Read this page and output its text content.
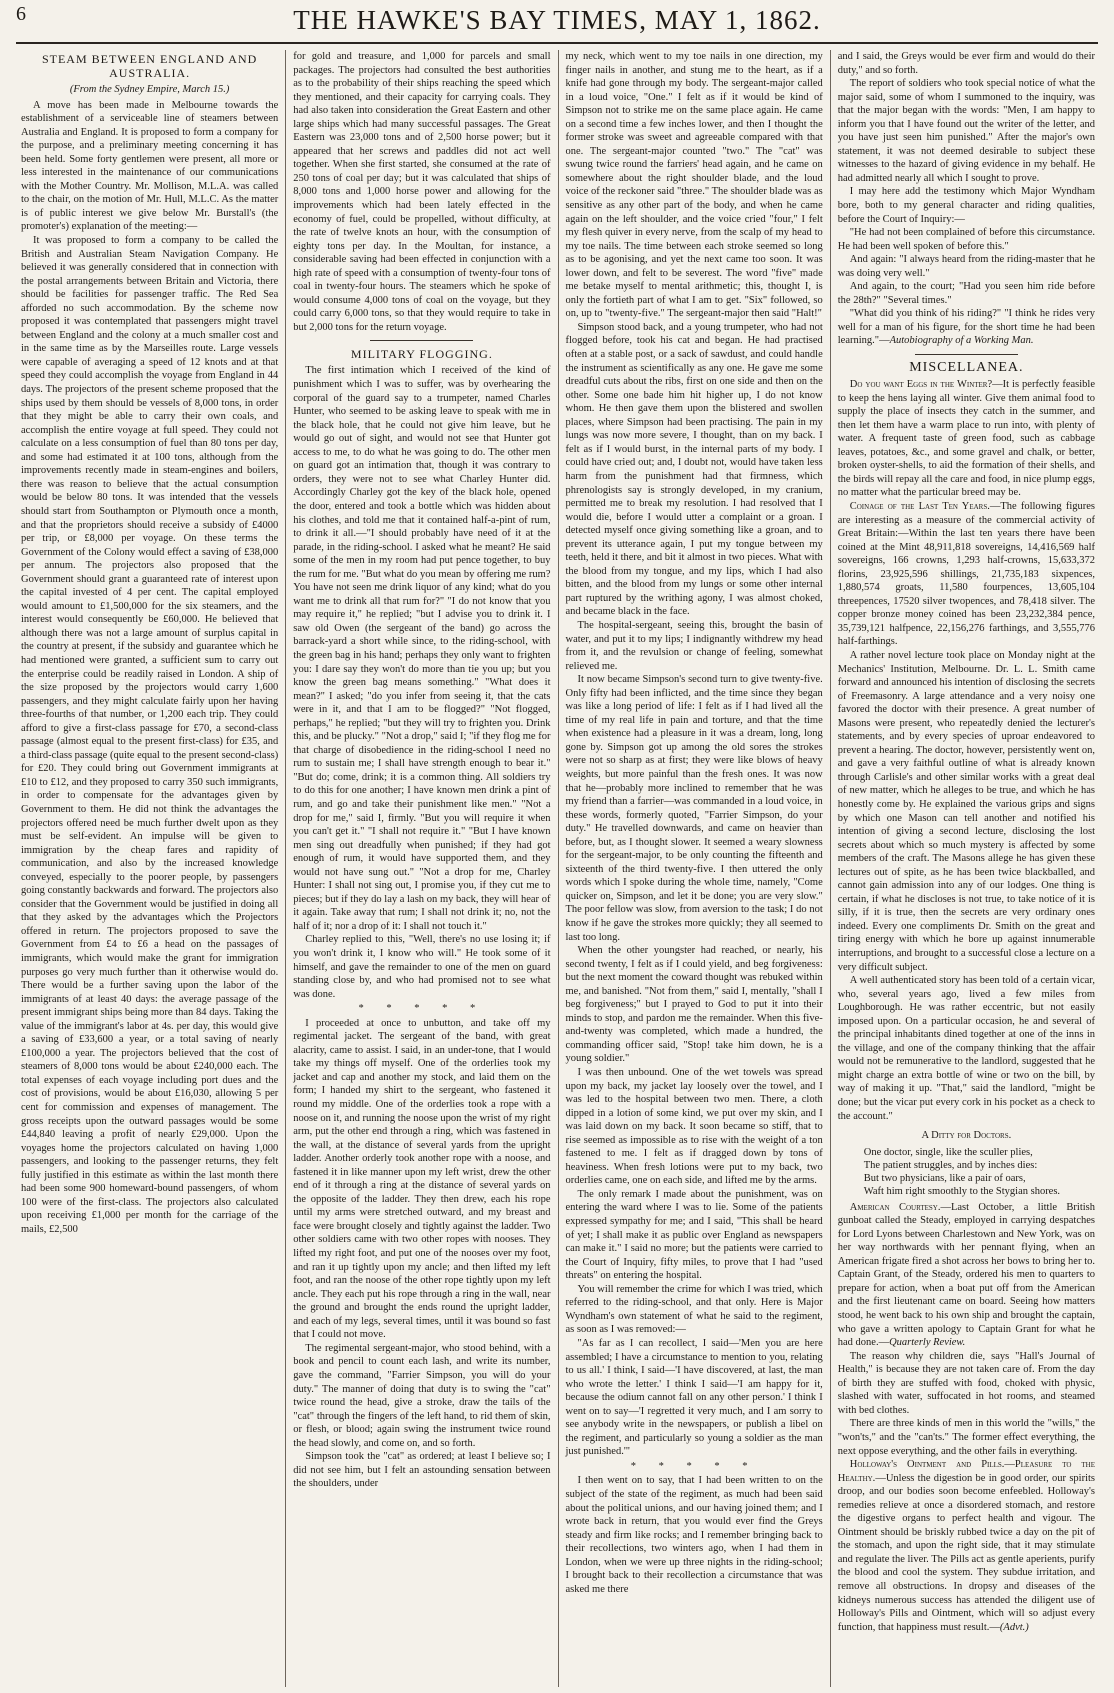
6	THE HAWKE'S BAY TIMES, MAY 1, 1862.
STEAM BETWEEN ENGLAND AND AUSTRALIA.
(From the Sydney Empire, March 15.)

A move has been made in Melbourne towards the establishment of a serviceable line of steamers between Australia and England. It is proposed to form a company for the purpose, and a preliminary meeting concerning it has been held. Some forty gentlemen were present, all more or less interested in the maintenance of our communications with the Mother Country. Mr. Mollison, M.L.A. was called to the chair, on the motion of Mr. Hull, M.L.C. As the matter is of public interest we give below Mr. Burstall's (the promoter's) explanation of the meeting:—

It was proposed to form a company to be called the British and Australian Steam Navigation Company. He believed it was generally considered that in connection with the postal arrangements between Britain and Victoria, there should be facilities for passenger traffic. The Red Sea afforded no such accommodation. By the scheme now proposed it was contemplated that passengers might travel between England and the colony at a much smaller cost and in the same time as by the Marseilles route. Large vessels were capable of averaging a speed of 12 knots and at that speed they could accomplish the voyage from England in 44 days. The projectors of the present scheme proposed that the ships used by them should be vessels of 8,000 tons, in order that they might be able to carry their own coals, and accomplish the entire voyage at full speed. They could not calculate on a less consumption of fuel than 80 tons per day, and some had estimated it at 100 tons, although from the improvements recently made in steam-engines and boilers, there was reason to believe that the actual consumption would be below 80 tons. It was intended that the vessels should start from Southampton or Plymouth once a month, and that the proprietors should receive a subsidy of £4000 per trip, or £8,000 per voyage. On these terms the Government of the Colony would effect a saving of £38,000 per annum. The projectors also proposed that the Government should grant a guaranteed rate of interest upon the capital invested of 4 per cent. The capital employed would amount to £1,500,000 for the six steamers, and the interest would consequently be £60,000. He believed that although there was not a large amount of surplus capital in the country at present, if the subsidy and guarantee which he had mentioned were granted, a sufficient sum to carry out the enterprise could be readily raised in London. A ship of the size proposed by the projectors would carry 1,600 passengers, and they might calculate fairly upon her having three-fourths of that number, or 1,200 each trip. They could afford to give a first-class passage for £70, a second-class passage (almost equal to the present first-class) for £35, and a third-class passage (quite equal to the present second-class) for £20. They could bring out Government immigrants at £10 to £12, and they proposed to carry 350 such immigrants, in order to compensate for the advantages given by Government to them. He did not think the advantages the projectors offered need be much further dwelt upon as they must be self-evident. An impulse will be given to immigration by the cheap fares and rapidity of communication, and also by the increased knowledge conveyed, especially to the poorer people, by passengers going constantly backwards and forward. The projectors also consider that the Government would be justified in doing all that they asked by the advantages which the Projectors offered in return. The projectors proposed to save the Government from £4 to £6 a head on the passages of immigrants, which would make the grant for immigration purposes go very much further than it otherwise would do. There would be a further saving upon the labor of the immigrants of at least 40 days: the average passage of the present immigrant ships being more than 84 days. Taking the value of the immigrant's labor at 4s. per day, this would give a saving of £33,600 a year, or a total saving of nearly £100,000 a year. The projectors believed that the cost of steamers of 8,000 tons would be about £240,000 each. The total expenses of each voyage including port dues and the cost of provisions, would be about £16,030, allowing 5 per cent for commission and expenses of management. The gross receipts upon the outward passages would be some £44,840 leaving a profit of nearly £29,000. Upon the voyages home the projectors calculated on having 1,000 passengers, and looking to the passenger returns, they felt fully justified in this estimate as within the last month there had been some 900 homeward-bound passengers, of whom 100 were of the first-class. The projectors also calculated upon receiving £1,000 per month for the carriage of the mails, £2,500

for gold and treasure, and 1,000 for parcels and small packages. The projectors had consulted the best authorities as to the probability of their ships reaching the speed which they mentioned, and their capacity for carrying coals. They had also taken into consideration the Great Eastern and other large ships which had many successful passages. The Great Eastern was 23,000 tons and of 2,500 horse power; but it appeared that her screws and paddles did not act well together. When she first started, she consumed at the rate of 250 tons of coal per day; but it was calculated that ships of 8,000 tons and 1,000 horse power and allowing for the improvements which had been lately effected in the economy of fuel, could be propelled, without difficulty, at the rate of twelve knots an hour, with the consumption of eighty tons per day. In the Moultan, for instance, a considerable saving had been effected in conjunction with a high rate of speed with a consumption of twenty-four tons of coal in twenty-four hours. The steamers which he spoke of would consume 4,000 tons of coal on the voyage, but they could carry 6,000 tons, so that they would require to take in but 2,000 tons for the return voyage.

MILITARY FLOGGING.

The first intimation which I received of the kind of punishment which I was to suffer, was by overhearing the corporal of the guard say to a trumpeter, named Charles Hunter, who seemed to be asking leave to speak with me in the black hole, that he could not give him leave, but he would go out of sight, and would not see that Hunter got access to me, to do what he was going to do. The other men on guard got an intimation that, though it was contrary to orders, they were not to see what Charley Hunter did. Accordingly Charley got the key of the black hole, opened the door, entered and took a bottle which was hidden about his clothes, and told me that it contained half-a-pint of rum, to drink it all.—"I should probably have need of it at the parade, in the riding-school. I asked what he meant? He said some of the men in my room had put pence together, to buy the rum for me. "But what do you mean by offering me rum? You have not seen me drink liquor of any kind; what do you want me to drink all that rum for?" "I do not know that you may require it," he replied; "but I advise you to drink it. I saw old Owen (the sergeant of the band) go across the barrack-yard a short while since, to the riding-school, with the green bag in his hand; perhaps they only want to frighten you: I dare say they won't do more than tie you up; but you know the green bag means something." "What does it mean?" I asked; "do you infer from seeing it, that the cats were in it, and that I am to be flogged?" "Not flogged, perhaps," he replied; "but they will try to frighten you. Drink this, and be plucky." "Not a drop," said I; "if they flog me for that charge of disobedience in the riding-school I need no rum to sustain me; I shall have strength enough to bear it." "But do; come, drink; it is a common thing. All soldiers try to do this for one another; I have known men drink a pint of rum, and go and take their punishment like men." "Not a drop for me," said I, firmly. "But you will require it when you can't get it." "I shall not require it." "But I have known men sing out dreadfully when punished; if they had got enough of rum, it would have supported them, and they would not have sung out." "Not a drop for me, Charley Hunter: I shall not sing out, I promise you, if they cut me to pieces; but if they do lay a lash on my back, they will hear of it again. Take away that rum; I shall not drink it; no, not the half of it; nor a drop of it: I shall not touch it."

Charley replied to this, "Well, there's no use losing it; if you won't drink it, I know who will." He took some of it himself, and gave the remainder to one of the men on guard standing close by, and who had promised not to see what was done.

* * * * *

I proceeded at once to unbutton, and take off my regimental jacket. The sergeant of the band, with great alacrity, came to assist. I said, in an under-tone, that I would take my things off myself. One of the orderlies took my jacket and cap and another my stock, and laid them on the form; I handed my shirt to the sergeant, who fastened it round my middle. One of the orderlies took a rope with a noose on it, and running the noose upon the wrist of my right arm, put the other end through a ring, which was fastened in the wall, at the distance of several yards from the upright ladder. Another orderly took another rope with a noose, and fastened it in like manner upon my left wrist, drew the other end of it through a ring at the distance of several yards on the opposite of the ladder. They then drew, each his rope until my arms were stretched outward, and my breast and face were brought closely and tightly against the ladder. Two other soldiers came with two other ropes with nooses. They lifted my right foot, and put one of the nooses over my foot, and ran it up tightly upon my ancle; and then lifted my left foot, and ran the noose of the other rope tightly upon my left ancle. They each put his rope through a ring in the wall, near the ground and brought the ends round the upright ladder, and each of my legs, several times, until it was bound so fast that I could not move.

The regimental sergeant-major, who stood behind, with a book and pencil to count each lash, and write its number, gave the command, "Farrier Simpson, you will do your duty." The manner of doing that duty is to swing the "cat" twice round the head, give a stroke, draw the tails of the "cat" through the fingers of the left hand, to rid them of skin, or flesh, or blood; again swing the instrument twice round the head slowly, and come on, and so forth.

Simpson took the "cat" as ordered; at least I believe so; I did not see him, but I felt an astounding sensation between the shoulders, under

my neck, which went to my toe nails in one direction, my finger nails in another, and stung me to the heart, as if a knife had gone through my body. The sergeant-major called in a loud voice, "One." I felt as if it would be kind of Simpson not to strike me on the same place again. He came on a second time a few inches lower, and then I thought the former stroke was sweet and agreeable compared with that one. The sergeant-major counted "two." The "cat" was swung twice round the farriers' head again, and he came on somewhere about the right shoulder blade, and the loud voice of the reckoner said "three." The shoulder blade was as sensitive as any other part of the body, and when he came again on the left shoulder, and the voice cried "four," I felt my flesh quiver in every nerve, from the scalp of my head to my toe nails. The time between each stroke seemed so long as to be agonising, and yet the next came too soon. It was lower down, and felt to be severest. The word "five" made me betake myself to mental arithmetic; this, thought I, is only the fortieth part of what I am to get. "Six" followed, so on, up to "twenty-five." The sergeant-major then said "Halt!"

Simpson stood back, and a young trumpeter, who had not flogged before, took his cat and began. He had practised often at a stable post, or a sack of sawdust, and could handle the instrument as scientifically as any one. He gave me some dreadful cuts about the ribs, first on one side and then on the other. Some one bade him hit higher up, I do not know whom. He then gave them upon the blistered and swollen places, where Simpson had been practising. The pain in my lungs was now more severe, I thought, than on my back. I felt as if I would burst, in the internal parts of my body. I could have cried out; and, I doubt not, would have taken less harm from the punishment had that firmness, which phrenologists say is strongly developed, in my cranium, permitted me to break my resolution. I had resolved that I would die, before I would utter a complaint or a groan. I detected myself once giving something like a groan, and to prevent its utterance again, I put my tongue between my teeth, held it there, and bit it almost in two pieces. What with the blood from my tongue, and my lips, which I had also bitten, and the blood from my lungs or some other internal part ruptured by the writhing agony, I was almost choked, and became black in the face.

The hospital-sergeant, seeing this, brought the basin of water, and put it to my lips; I indignantly withdrew my head from it, and the revulsion or change of feeling, somewhat relieved me.

It now became Simpson's second turn to give twenty-five. Only fifty had been inflicted, and the time since they began was like a long period of life: I felt as if I had lived all the time of my real life in pain and torture, and that the time when existence had a pleasure in it was a dream, long, long gone by. Simpson got up among the old sores the strokes were not so sharp as at first; they were like blows of heavy weights, but more painful than the fresh ones. It was now that he—probably more inclined to remember that he was my friend than a farrier—was commanded in a loud voice, in these words, formerly quoted, "Farrier Simpson, do your duty." He travelled downwards, and came on heavier than before, but, as I thought slower. It seemed a weary slowness for the sergeant-major, to be only counting the fifteenth and sixteenth of the third twenty-five. I then uttered the only words which I spoke during the whole time, namely, "Come quicker on, Simpson, and let it be done; you are very slow." The poor fellow was slow, from aversion to the task; I do not know if he gave the strokes more quickly; they all seemed to last too long.

When the other youngster had reached, or nearly, his second twenty, I felt as if I could yield, and beg forgiveness: but the next moment the coward thought was rebuked within me, and banished. "Not from them," said I, mentally, "shall I beg forgiveness;" but I prayed to God to put it into their minds to stop, and pardon me the remainder. When this five-and-twenty was completed, which made a hundred, the commanding officer said, "Stop! take him down, he is a young soldier."

I was then unbound. One of the wet towels was spread upon my back, my jacket lay loosely over the towel, and I was led to the hospital between two men. There, a cloth dipped in a lotion of some kind, we put over my skin, and I was laid down on my back. It soon became so stiff, that to rise seemed as impossible as to rise with the weight of a ton fastened to me. I felt as if dragged down by tons of heaviness. When fresh lotions were put to my back, two orderlies came, one on each side, and lifted me by the arms.

The only remark I made about the punishment, was on entering the ward where I was to lie. Some of the patients expressed sympathy for me; and I said, "This shall be heard of yet; I shall make it as public over England as newspapers can make it." I said no more; but the patients were carried to the Court of Inquiry, fifty miles, to prove that I had "used threats" on entering the hospital.

You will remember the crime for which I was tried, which referred to the riding-school, and that only. Here is Major Wyndham's own statement of what he said to the regiment, as soon as I was removed:—

"As far as I can recollect, I said—'Men you are here assembled; I have a circumstance to mention to you, relating to us all.' I think, I said—'I have discovered, at last, the man who wrote the letter.' I think I said—'I am happy for it, because the odium cannot fall on any other person.' I think I went on to say—'I regretted it very much, and I am sorry to see anybody write in the newspapers, or publish a libel on the regiment, and particularly so young a soldier as the man just punished.'"

* * * * *

I then went on to say, that I had been written to on the subject of the state of the regiment, as much had been said about the political unions, and our having joined them; and I wrote back in return, that you would ever find the Greys steady and firm like rocks; and I remember bringing back to their recollections, two winters ago, when I had them in London, when we were up three nights in the riding-school; I brought back to their recollection a circumstance that was asked me there

and I said, the Greys would be ever firm and would do their duty," and so forth.

The report of soldiers who took special notice of what the major said, some of whom I summoned to the inquiry, was that the major began with the words: "Men, I am happy to inform you that I have found out the writer of the letter, and you have just seen him punished." After the major's own statement, it was not deemed desirable to subject these witnesses to the hazard of giving evidence in my behalf. He had admitted nearly all which I sought to prove.

I may here add the testimony which Major Wyndham bore, both to my general character and riding qualities, before the Court of Inquiry:—

"He had not been complained of before this circumstance. He had been well spoken of before this."

And again: "I always heard from the riding-master that he was doing very well."

And again, to the court; "Had you seen him ride before the 28th?" "Several times."

"What did you think of his riding?" "I think he rides very well for a man of his figure, for the short time he had been learning."—Autobiography of a Working Man.

MISCELLANEA.

Do you want Eggs in the Winter?—It is perfectly feasible to keep the hens laying all winter. Give them animal food to supply the place of insects they catch in the summer, and then let them have a warm place to run into, with plenty of water. A frequent taste of green food, such as cabbage leaves, potatoes, &c., and some gravel and chalk, or better, broken oyster-shells, to aid the formation of their shells, and the birds will repay all the care and food, in nice plump eggs, no matter what the particular breed may be.

Coinage of the Last Ten Years.—The following figures are interesting as a measure of the commercial activity of Great Britain:—Within the last ten years there have been coined at the Mint 48,911,818 sovereigns, 14,416,569 half sovereigns, 166 crowns, 1,293 half-crowns, 15,633,372 florins, 23,925,596 shillings, 21,735,183 sixpences, 1,880,574 groats, 11,580 fourpences, 13,605,104 threepences, 17520 silver twopences, and 78,418 silver. The copper bronze money coined has been 23,232,384 pence, 35,739,121 halfpence, 22,156,276 farthings, and 3,555,776 half-farthings.

A rather novel lecture took place on Monday night at the Mechanics' Institution, Melbourne. Dr. L. L. Smith came forward and announced his intention of disclosing the secrets of Freemasonry. A large attendance and a very noisy one favored the doctor with their presence. A great number of Masons were present, who repeatedly denied the lecturer's statements, and by every species of uproar endeavored to prevent a hearing. The doctor, however, persistently went on, and gave a very faithful outline of what is already known through Carlisle's and other similar works with a great deal of new matter, which he alleges to be true, and which he has honestly come by. He explained the various grips and signs by which one Mason can tell another and notified his intention of giving a second lecture, disclosing the lost secrets about which so much mystery is affected by some members of the craft. The Masons allege he has given these lectures out of spite, as he has been twice blackballed, and cannot gain admission into any of our lodges. One thing is certain, if what he discloses is not true, to take notice of it is silly, if it is true, then the secrets are very ordinary ones indeed. Every one compliments Dr. Smith on the great and tiring energy with which he bore up against innumerable interruptions, and brought to a successful close a lecture on a very difficult subject.

A well authenticated story has been told of a certain vicar, who, several years ago, lived a few miles from Loughborough. He was rather eccentric, but not easily imposed upon. On a particular occasion, he and several of the principal inhabitants dined together at one of the inns in the village, and one of the company thinking that the affair would not be remunerative to the landlord, suggested that he might charge an extra bottle of wine or two on the bill, by way of making it up. "That," said the landlord, "might be done; but the vicar put every cork in his pocket as a check to the account."

A Ditty for Doctors.
One doctor, single, like the sculler plies,
The patient struggles, and by inches dies:
But two physicians, like a pair of oars,
Waft him right smoothly to the Stygian shores.

American Courtesy.—Last October, a little British gunboat called the Steady, employed in carrying despatches for Lord Lyons between Charlestown and New York, was on her way northwards with her pennant flying, when an American frigate fired a shot across her bows to bring her to. Captain Grant, of the Steady, ordered his men to quarters to prepare for action, when a boat put off from the American and the first lieutenant came on board. Seeing how matters stood, he went back to his own ship and brought the captain, who gave a written apology to Captain Grant for what he had done.—Quarterly Review.

The reason why children die, says "Hall's Journal of Health," is because they are not taken care of. From the day of birth they are stuffed with food, choked with physic, slashed with water, suffocated in hot rooms, and steamed with bed clothes.

There are three kinds of men in this world the "wills," the "won'ts," and the "can'ts." The former effect everything, the next oppose everything, and the other fails in everything.

Holloway's Ointment and Pills.—Pleasure to the Healthy.—Unless the digestion be in good order, our spirits droop, and our bodies soon become enfeebled. Holloway's remedies relieve at once a disordered stomach, and restore the digestive organs to perfect health and vigour. The Ointment should be briskly rubbed twice a day on the pit of the stomach, and upon the right side, that it may stimulate and regulate the liver. The Pills act as gentle aperients, purify the blood and cool the system. They subdue irritation, and remove all obstructions. In dropsy and diseases of the kidneys numerous success has attended the diligent use of Holloway's Pills and Ointment, which will so adjust every function, that happiness must result.—(Advt.)
